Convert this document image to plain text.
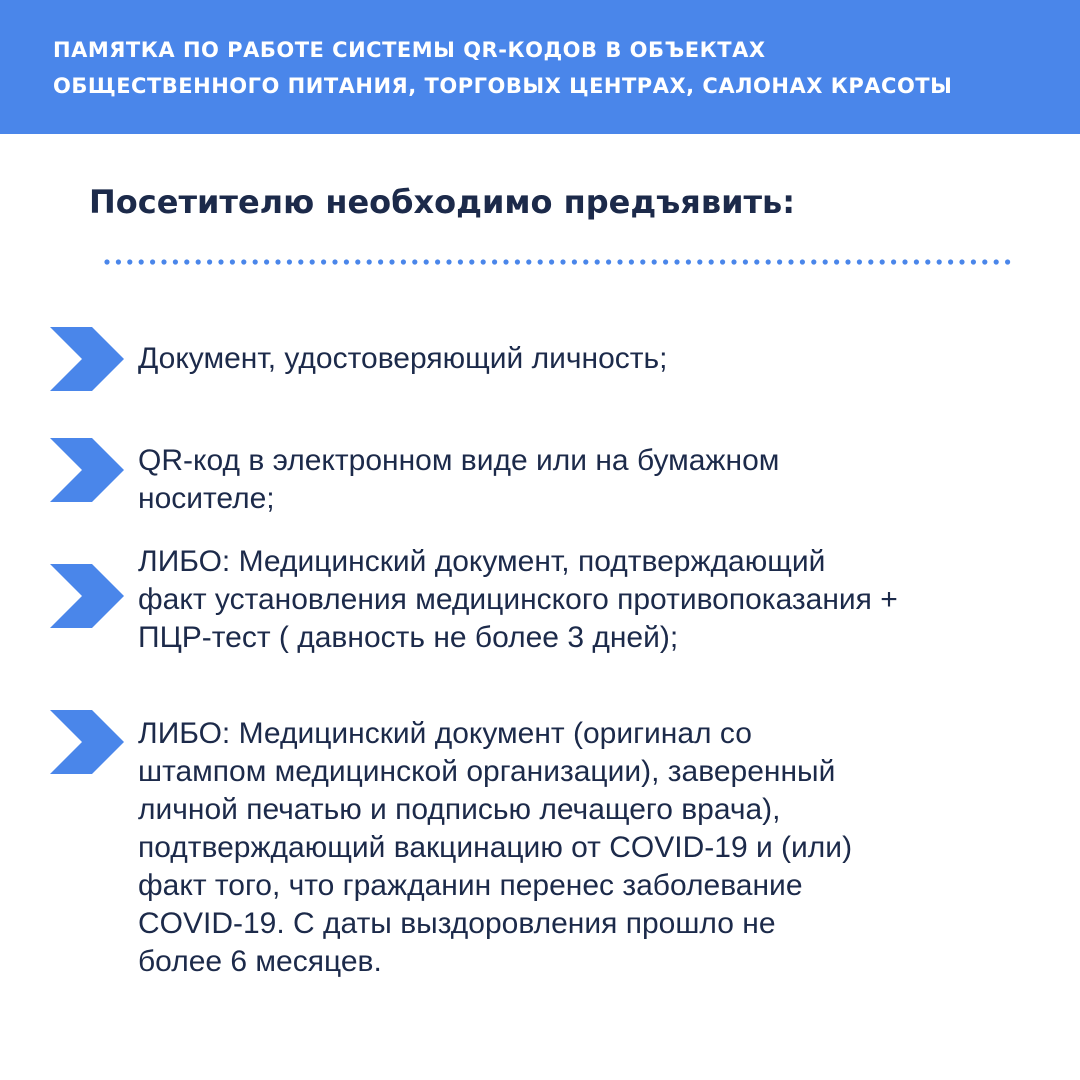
ПАМЯТКА ПО РАБОТЕ СИСТЕМЫ QR-КОДОВ В ОБЪЕКТАХ
ОБЩЕСТВЕННОГО ПИТАНИЯ, ТОРГОВЫХ ЦЕНТРАХ, САЛОНАХ КРАСОТЫ
Посетителю необходимо предъявить:
Документ, удостоверяющий личность;
QR-код в электронном виде или на бумажном
носителе;
ЛИБО: Медицинский документ, подтверждающий
факт установления медицинского противопоказания +
ПЦР-тест ( давность не более 3 дней);
ЛИБО: Медицинский документ (оригинал со
штампом медицинской организации), заверенный
личной печатью и подписью лечащего врача),
подтверждающий вакцинацию от COVID-19 и (или)
факт того, что гражданин перенес заболевание
COVID-19. С даты выздоровления прошло не
более 6 месяцев.
